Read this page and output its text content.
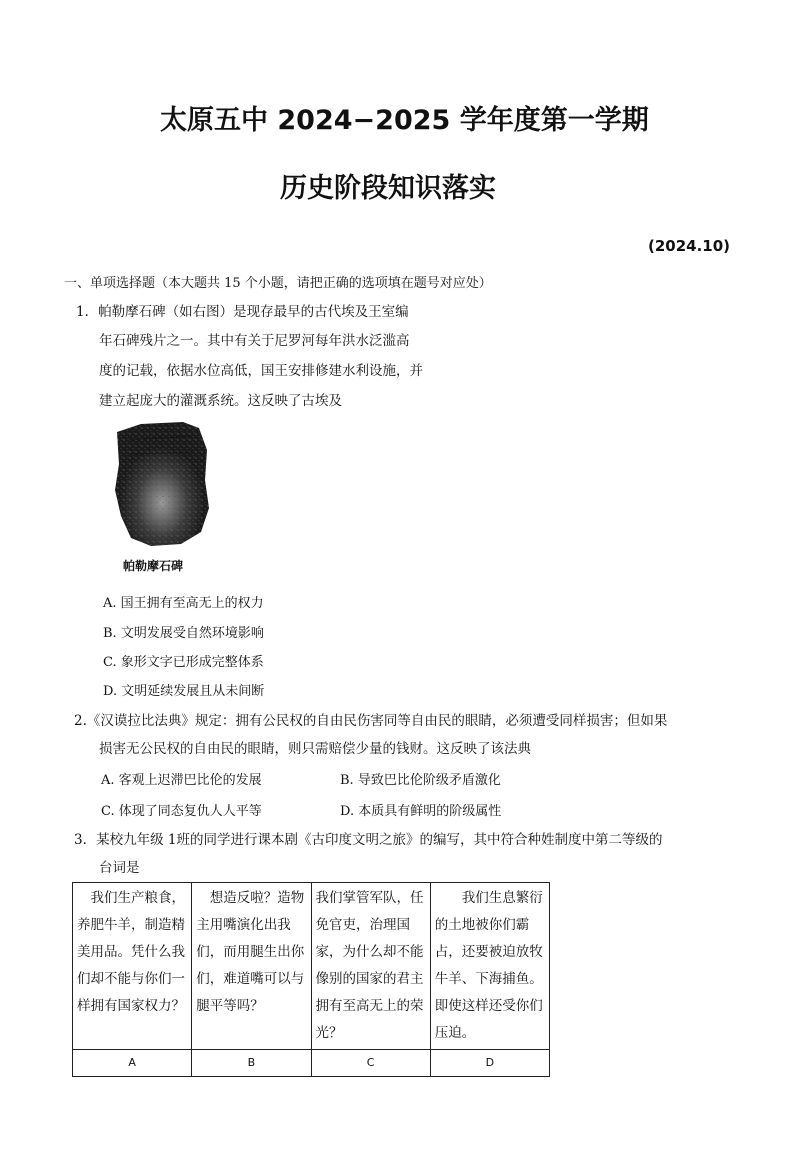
太原五中 2024−2025 学年度第一学期
历史阶段知识落实
(2024.10)
一、单项选择题（本大题共 15 个小题，请把正确的选项填在题号对应处）
1．帕勒摩石碑（如右图）是现存最早的古代埃及王室编
年石碑残片之一。其中有关于尼罗河每年洪水泛滥高
度的记载，依据水位高低，国王安排修建水利设施，并
建立起庞大的灌溉系统。这反映了古埃及
帕勒摩石碑
A. 国王拥有至高无上的权力
B. 文明发展受自然环境影响
C. 象形文字已形成完整体系
D. 文明延续发展且从未间断
2.《汉谟拉比法典》规定：拥有公民权的自由民伤害同等自由民的眼睛，必须遭受同样损害；但如果
损害无公民权的自由民的眼睛，则只需赔偿少量的钱财。这反映了该法典
A. 客观上迟滞巴比伦的发展	B. 导致巴比伦阶级矛盾激化
C. 体现了同态复仇人人平等	D. 本质具有鲜明的阶级属性
3．某校九年级 1班的同学进行课本剧《古印度文明之旅》的编写，其中符合种姓制度中第二等级的
台词是
　我们生产粮食，养肥牛羊，制造精美用品。凭什么我们却不能与你们一样拥有国家权力？	　想造反啦？造物主用嘴演化出我们，而用腿生出你们，难道嘴可以与腿平等吗？	我们掌管军队，任免官吏，治理国家，为什么却不能像别的国家的君主拥有至高无上的荣光？	　　我们生息繁衍的土地被你们霸占，还要被迫放牧牛羊、下海捕鱼。即使这样还受你们压迫。

A	B	C	D
